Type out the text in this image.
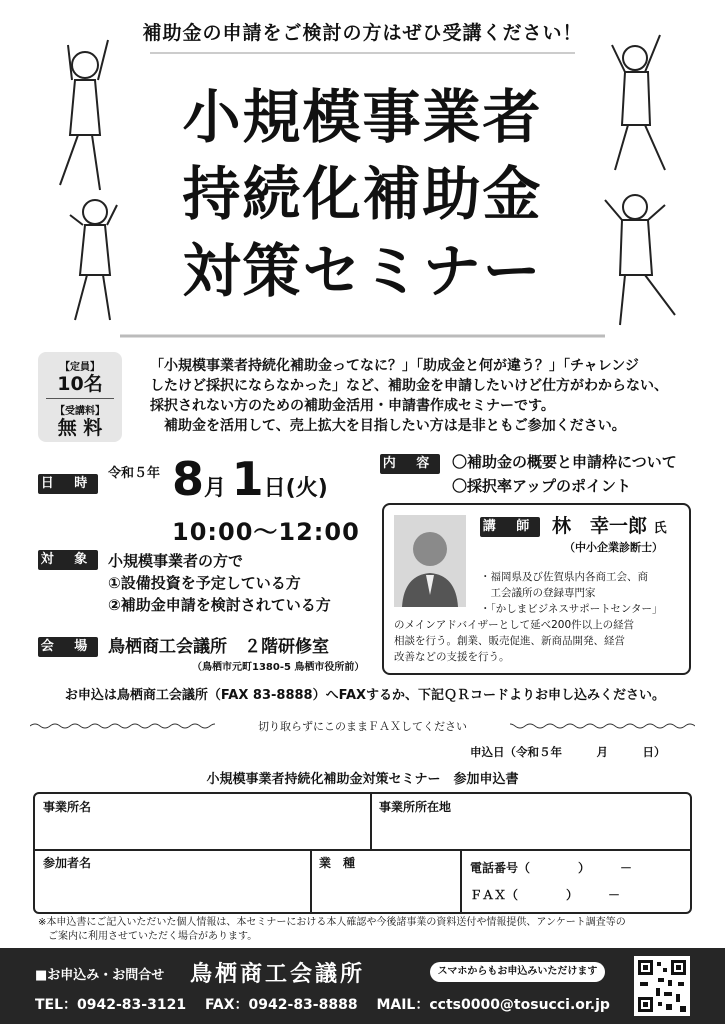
補助金の申請をご検討の方はぜひ受講ください！
小規模事業者
持続化補助金
対策セミナー
【定員】
10名
【受講料】
無 料
「小規模事業者持続化補助金ってなに？」「助成金と何が違う？」「チャレンジ
したけど採択にならなかった」など、補助金を申請したいけど仕方がわからない、
採択されない方のための補助金活用・申請書作成セミナーです。
　補助金を活用して、売上拡大を目指したい方は是非ともご参加ください。
日 時
令和５年 8月 1日(火)
10:00〜12:00
対 象 小規模事業者の方で
①設備投資を予定している方
②補助金申請を検討されている方
会 場 鳥栖商工会議所　２階研修室
（鳥栖市元町1380-5 鳥栖市役所前）
内 容 〇補助金の概要と申請枠について
〇採択率アップのポイント
講 師 林　幸一郎 氏
（中小企業診断士）
・福岡県及び佐賀県内各商工会、商
　工会議所の登録専門家
・「かしまビジネスサポートセンター」
のメインアドバイザーとして延べ200件以上の経営
相談を行う。創業、販売促進、新商品開発、経営
改善などの支援を行う。
お申込は鳥栖商工会議所（FAX 83-8888）へFAXするか、下記ＱＲコードよりお申し込みください。
切り取らずにこのままＦＡＸしてください
申込日（令和５年　　　月　　　日）
小規模事業者持続化補助金対策セミナー　参加申込書
事業所名	事業所所在地
参加者名	業　種	電話番号（　　　　）　　　－
ＦＡＸ（　　　　）　　　－
※本申込書にご記入いただいた個人情報は、本セミナーにおける本人確認や今後諸事業の資料送付や情報提供、アンケート調査等の
ご案内に利用させていただく場合があります。
■お申込み・お問合せ 鳥栖商工会議所	スマホからもお申込みいただけます
TEL：0942-83-3121　 FAX：0942-83-8888　 MAIL：ccts0000@tosucci.or.jp
